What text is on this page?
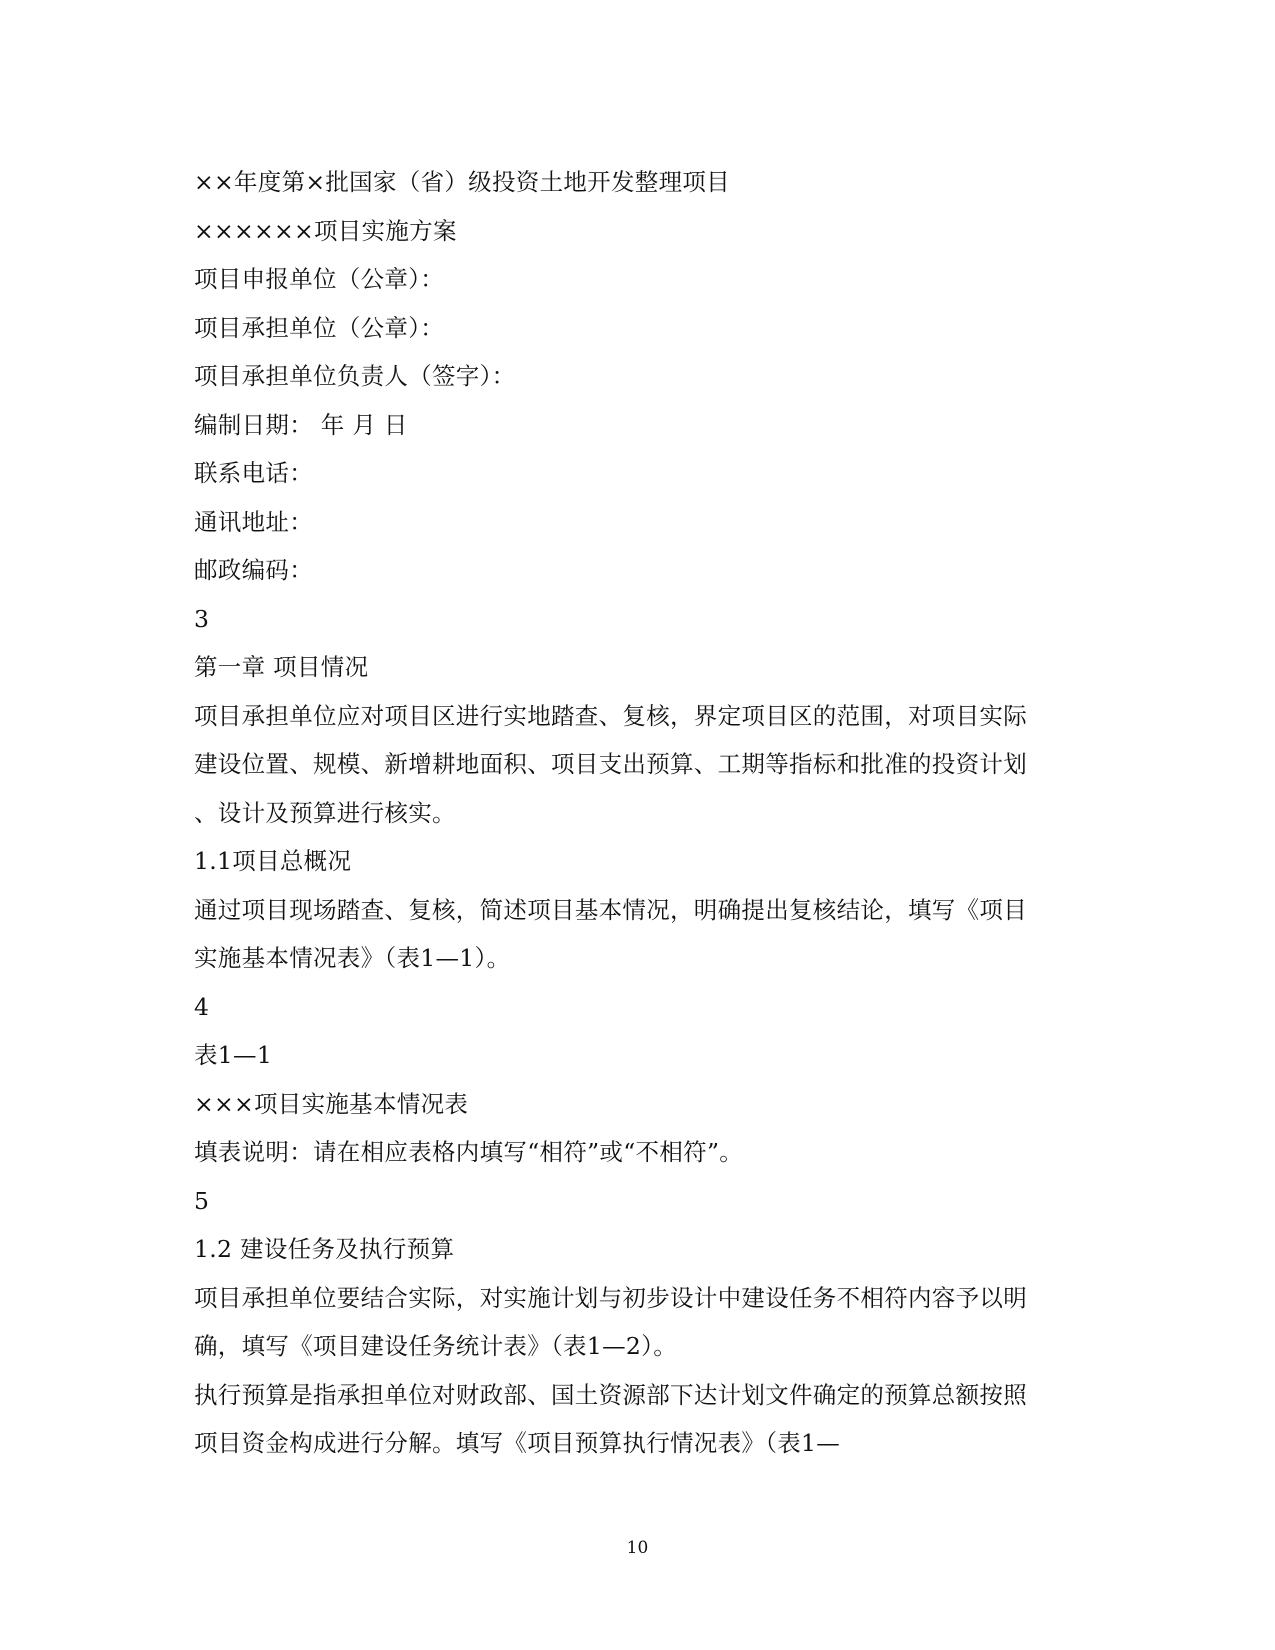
××年度第×批国家（省）级投资土地开发整理项目
××××××项目实施方案
项目申报单位（公章）：
项目承担单位（公章）：
项目承担单位负责人（签字）：
编制日期： 年 月 日
联系电话：
通讯地址：
邮政编码：
3
第一章 项目情况
项目承担单位应对项目区进行实地踏查、复核，界定项目区的范围，对项目实际
建设位置、规模、新增耕地面积、项目支出预算、工期等指标和批准的投资计划
、设计及预算进行核实。
1.1项目总概况
通过项目现场踏查、复核，简述项目基本情况，明确提出复核结论，填写《项目
实施基本情况表》（表1—1）。
4
表1—1
×××项目实施基本情况表
填表说明：请在相应表格内填写“相符”或“不相符”。
5
1.2 建设任务及执行预算
项目承担单位要结合实际，对实施计划与初步设计中建设任务不相符内容予以明
确，填写《项目建设任务统计表》（表1—2）。
执行预算是指承担单位对财政部、国土资源部下达计划文件确定的预算总额按照
项目资金构成进行分解。填写《项目预算执行情况表》（表1—
10
